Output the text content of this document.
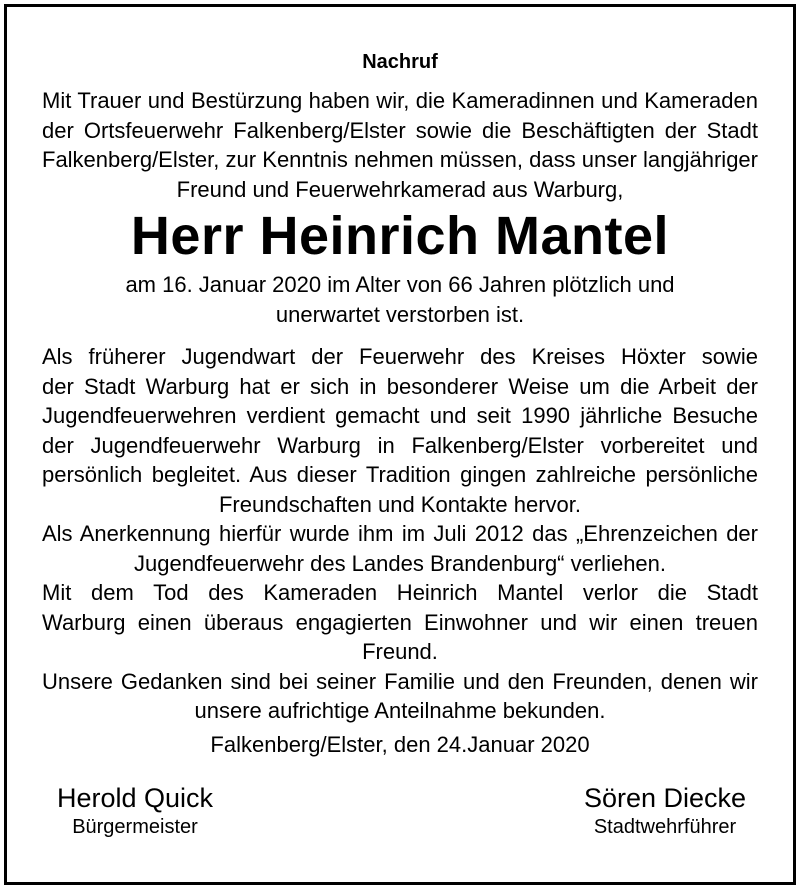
Nachruf
Mit Trauer und Bestürzung haben wir, die Kameradinnen und Kameraden
der Ortsfeuerwehr Falkenberg/Elster sowie die Beschäftigten der Stadt
Falkenberg/Elster, zur Kenntnis nehmen müssen, dass unser langjähriger
Freund und Feuerwehrkamerad aus Warburg,
Herr Heinrich Mantel
am 16. Januar 2020 im Alter von 66 Jahren plötzlich und
unerwartet verstorben ist.
Als früherer Jugendwart der Feuerwehr des Kreises Höxter sowie
der Stadt Warburg hat er sich in besonderer Weise um die Arbeit der
Jugendfeuerwehren verdient gemacht und seit 1990 jährliche Besuche
der Jugendfeuerwehr Warburg in Falkenberg/Elster vorbereitet und
persönlich begleitet. Aus dieser Tradition gingen zahlreiche persönliche
Freundschaften und Kontakte hervor.
Als Anerkennung hierfür wurde ihm im Juli 2012 das „Ehrenzeichen der
Jugendfeuerwehr des Landes Brandenburg“ verliehen.
Mit dem Tod des Kameraden Heinrich Mantel verlor die Stadt
Warburg einen überaus engagierten Einwohner und wir einen treuen
Freund.
Unsere Gedanken sind bei seiner Familie und den Freunden, denen wir
unsere aufrichtige Anteilnahme bekunden.
Falkenberg/Elster, den 24.Januar 2020
Herold Quick
Bürgermeister
Sören Diecke
Stadtwehrführer
